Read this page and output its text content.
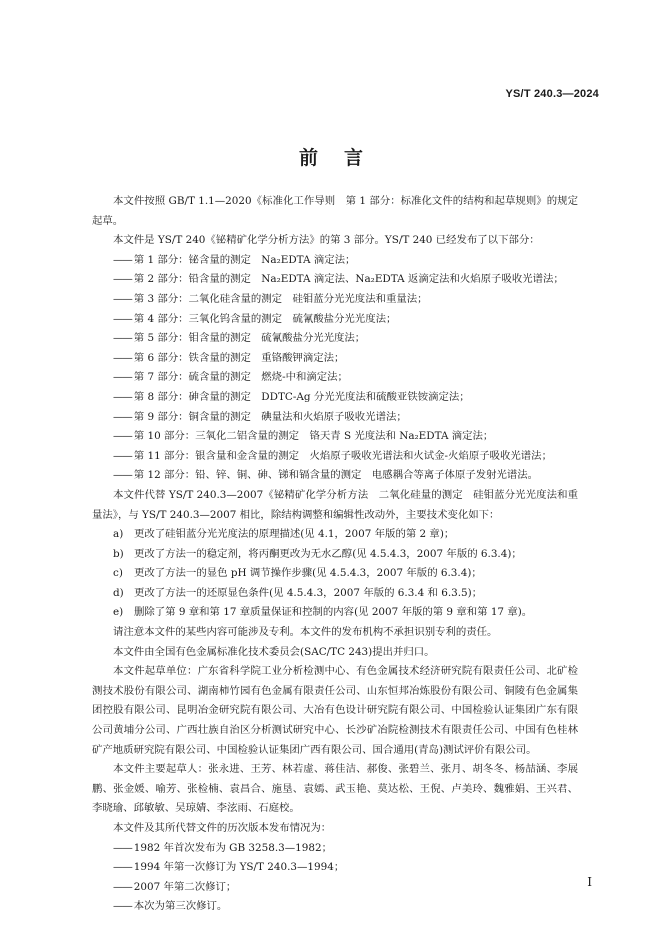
YS/T 240.3—2024
前言

本文件按照 GB/T 1.1—2020《标准化工作导则　第 1 部分：标准化文件的结构和起草规则》的规定起草。

本文件是 YS/T 240《铋精矿化学分析方法》的第 3 部分。YS/T 240 已经发布了以下部分：

—— 第 1 部分：铋含量的测定　Na₂EDTA 滴定法；
—— 第 2 部分：铅含量的测定　Na₂EDTA 滴定法、Na₂EDTA 返滴定法和火焰原子吸收光谱法；
—— 第 3 部分：二氧化硅含量的测定　硅钼蓝分光光度法和重量法；
—— 第 4 部分：三氧化钨含量的测定　硫氰酸盐分光光度法；
—— 第 5 部分：钼含量的测定　硫氰酸盐分光光度法；
—— 第 6 部分：铁含量的测定　重铬酸钾滴定法；
—— 第 7 部分：硫含量的测定　燃烧-中和滴定法；
—— 第 8 部分：砷含量的测定　DDTC-Ag 分光光度法和硫酸亚铁铵滴定法；
—— 第 9 部分：铜含量的测定　碘量法和火焰原子吸收光谱法；
—— 第 10 部分：三氧化二铝含量的测定　铬天青 S 光度法和 Na₂EDTA 滴定法；
—— 第 11 部分：银含量和金含量的测定　火焰原子吸收光谱法和火试金-火焰原子吸收光谱法；
—— 第 12 部分：铅、锌、铜、砷、锑和镉含量的测定　电感耦合等离子体原子发射光谱法。

本文件代替 YS/T 240.3—2007《铋精矿化学分析方法　二氧化硅量的测定　硅钼蓝分光光度法和重量法》，与 YS/T 240.3—2007 相比，除结构调整和编辑性改动外，主要技术变化如下：

a) 更改了硅钼蓝分光光度法的原理描述(见 4.1，2007 年版的第 2 章)；
b) 更改了方法一的稳定剂，将丙酮更改为无水乙醇(见 4.5.4.3，2007 年版的 6.3.4)；
c) 更改了方法一的显色 pH 调节操作步骤(见 4.5.4.3，2007 年版的 6.3.4)；
d) 更改了方法一的还原显色条件(见 4.5.4.3，2007 年版的 6.3.4 和 6.3.5)；
e) 删除了第 9 章和第 17 章质量保证和控制的内容(见 2007 年版的第 9 章和第 17 章)。

请注意本文件的某些内容可能涉及专利。本文件的发布机构不承担识别专利的责任。

本文件由全国有色金属标准化技术委员会(SAC/TC 243)提出并归口。

本文件起草单位：广东省科学院工业分析检测中心、有色金属技术经济研究院有限责任公司、北矿检测技术股份有限公司、湖南柿竹园有色金属有限责任公司、山东恒邦冶炼股份有限公司、铜陵有色金属集团控股有限公司、昆明冶金研究院有限公司、大冶有色设计研究院有限公司、中国检验认证集团广东有限公司黄埔分公司、广西壮族自治区分析测试研究中心、长沙矿冶院检测技术有限责任公司、中国有色桂林矿产地质研究院有限公司、中国检验认证集团广西有限公司、国合通用(青岛)测试评价有限公司。

本文件主要起草人：张永进、王芳、林若虚、蒋佳洁、郝俊、张碧兰、张月、胡冬冬、杨喆涵、李展鹏、张金媛、喻芳、张检楠、袁昌合、施垦、袁嫣、武玉艳、莫达松、王倪、卢美玲、魏雅娟、王兴君、李晓瑜、邱敏敏、吴琼婧、李泫雨、石庭校。

本文件及其所代替文件的历次版本发布情况为：

—— 1982 年首次发布为 GB 3258.3—1982；
—— 1994 年第一次修订为 YS/T 240.3—1994；
—— 2007 年第二次修订；
—— 本次为第三次修订。
I
